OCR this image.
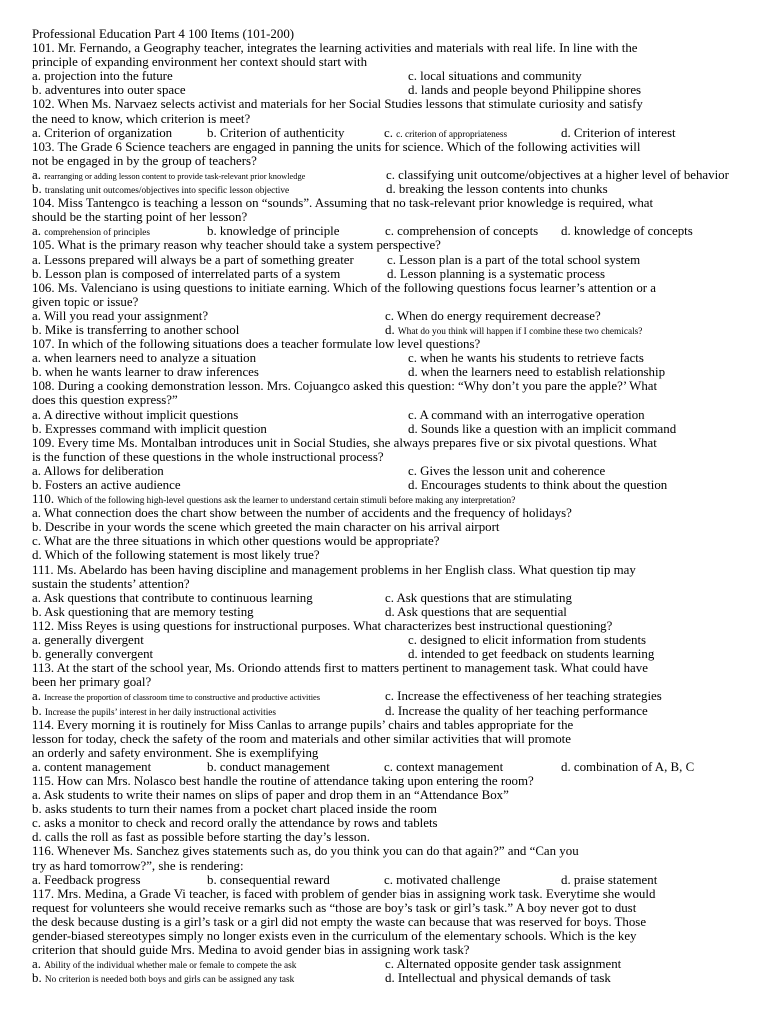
Professional Education Part 4 100 Items (101-200)
101. Mr. Fernando, a Geography teacher, integrates the learning activities and materials with real life. In line with the
principle of expanding environment her context should start with
a. projection into the future	c. local situations and community
b. adventures into outer space	d. lands and people beyond Philippine shores
102. When Ms. Narvaez selects activist and materials for her Social Studies lessons that stimulate curiosity and satisfy
the need to know, which criterion is meet?
a. Criterion of organization	b. Criterion of authenticity	c. c. criterion of appropriateness	d. Criterion of interest
103. The Grade 6 Science teachers are engaged in panning the units for science. Which of the following activities will
not be engaged in by the group of teachers?
a. rearranging or adding lesson content to provide task-relevant prior knowledge	c. classifying unit outcome/objectives at a higher level of behavior
b. translating unit outcomes/objectives into specific lesson objective	d. breaking the lesson contents into chunks
104. Miss Tantengco is teaching a lesson on “sounds”. Assuming that no task-relevant prior knowledge is required, what
should be the starting point of her lesson?
a. comprehension of principles	b. knowledge of principle	c. comprehension of concepts d. knowledge of concepts
105. What is the primary reason why teacher should take a system perspective?
a. Lessons prepared will always be a part of something greater	c. Lesson plan is a part of the total school system
b. Lesson plan is composed of interrelated parts of a system	d. Lesson planning is a systematic process
106. Ms. Valenciano is using questions to initiate earning. Which of the following questions focus learner’s attention or a
given topic or issue?
a. Will you read your assignment?	c. When do energy requirement decrease?
b. Mike is transferring to another school	d. What do you think will happen if I combine these two chemicals?
107. In which of the following situations does a teacher formulate low level questions?
a. when learners need to analyze a situation	c. when he wants his students to retrieve facts
b. when he wants learner to draw inferences	d. when the learners need to establish relationship
108. During a cooking demonstration lesson. Mrs. Cojuangco asked this question: “Why don’t you pare the apple?’ What
does this question express?”
a. A directive without implicit questions	c. A command with an interrogative operation
b. Expresses command with implicit question	d. Sounds like a question with an implicit command
109. Every time Ms. Montalban introduces unit in Social Studies, she always prepares five or six pivotal questions. What
is the function of these questions in the whole instructional process?
a. Allows for deliberation	c. Gives the lesson unit and coherence
b. Fosters an active audience	d. Encourages students to think about the question
110. Which of the following high-level questions ask the learner to understand certain stimuli before making any interpretation?
a. What connection does the chart show between the number of accidents and the frequency of holidays?
b. Describe in your words the scene which greeted the main character on his arrival airport
c. What are the three situations in which other questions would be appropriate?
d. Which of the following statement is most likely true?
111. Ms. Abelardo has been having discipline and management problems in her English class. What question tip may
sustain the students’ attention?
a. Ask questions that contribute to continuous learning	c. Ask questions that are stimulating
b. Ask questioning that are memory testing	d. Ask questions that are sequential
112. Miss Reyes is using questions for instructional purposes. What characterizes best instructional questioning?
a. generally divergent	c. designed to elicit information from students
b. generally convergent	d. intended to get feedback on students learning
113. At the start of the school year, Ms. Oriondo attends first to matters pertinent to management task. What could have
been her primary goal?
a. Increase the proportion of classroom time to constructive and productive activities	c. Increase the effectiveness of her teaching strategies
b. Increase the pupils’ interest in her daily instructional activities	d. Increase the quality of her teaching performance
114. Every morning it is routinely for Miss Canlas to arrange pupils’ chairs and tables appropriate for the
lesson for today, check the safety of the room and materials and other similar activities that will promote
an orderly and safety environment. She is exemplifying
a. content management	b. conduct management	c. context management	d. combination of A, B, C
115. How can Mrs. Nolasco best handle the routine of attendance taking upon entering the room?
a. Ask students to write their names on slips of paper and drop them in an “Attendance Box”
b. asks students to turn their names from a pocket chart placed inside the room
c. asks a monitor to check and record orally the attendance by rows and tablets
d. calls the roll as fast as possible before starting the day’s lesson.
116. Whenever Ms. Sanchez gives statements such as, do you think you can do that again?” and “Can you
try as hard tomorrow?”, she is rendering:
a. Feedback progress	b. consequential reward	c. motivated challenge	d. praise statement
117. Mrs. Medina, a Grade Vi teacher, is faced with problem of gender bias in assigning work task. Everytime she would
request for volunteers she would receive remarks such as “those are boy’s task or girl’s task.” A boy never got to dust
the desk because dusting is a girl’s task or a girl did not empty the waste can because that was reserved for boys. Those
gender-biased stereotypes simply no longer exists even in the curriculum of the elementary schools. Which is the key
criterion that should guide Mrs. Medina to avoid gender bias in assigning work task?
a. Ability of the individual whether male or female to compete the ask	c. Alternated opposite gender task assignment
b. No criterion is needed both boys and girls can be assigned any task	d. Intellectual and physical demands of task
